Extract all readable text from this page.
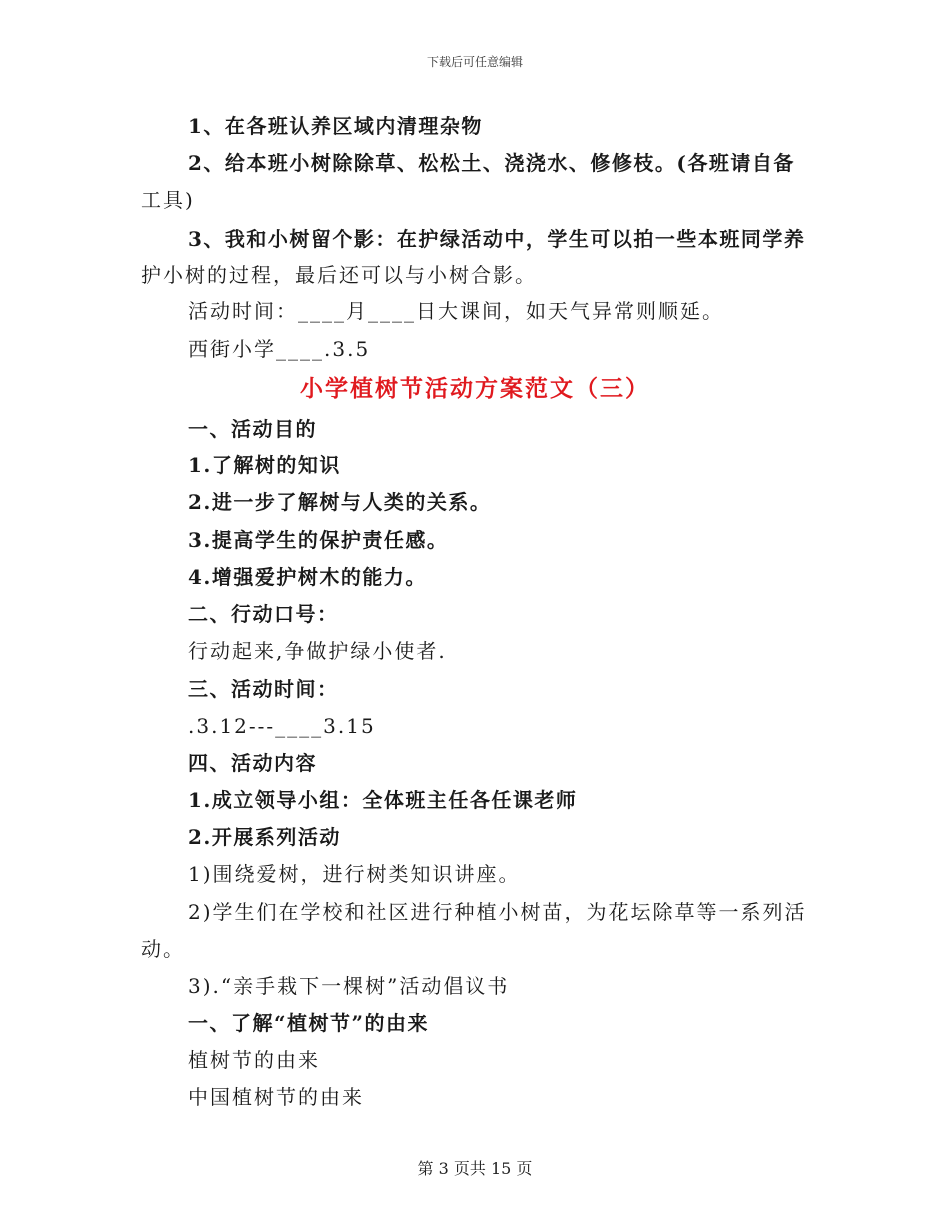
下载后可任意编辑
1、在各班认养区域内清理杂物
2、给本班小树除除草、松松土、浇浇水、修修枝。(各班请自备
工具)
3、我和小树留个影：在护绿活动中，学生可以拍一些本班同学养
护小树的过程，最后还可以与小树合影。
活动时间：____月____日大课间，如天气异常则顺延。
西街小学____.3.5
小学植树节活动方案范文（三）
一、活动目的
1.了解树的知识
2.进一步了解树与人类的关系。
3.提高学生的保护责任感。
4.增强爱护树木的能力。
二、行动口号：
行动起来,争做护绿小使者.
三、活动时间：
.3.12---____3.15
四、活动内容
1.成立领导小组：全体班主任各任课老师
2.开展系列活动
1)围绕爱树，进行树类知识讲座。
2)学生们在学校和社区进行种植小树苗，为花坛除草等一系列活
动。
3).“亲手栽下一棵树”活动倡议书
一、了解“植树节”的由来
植树节的由来
中国植树节的由来
第 3 页共 15 页
